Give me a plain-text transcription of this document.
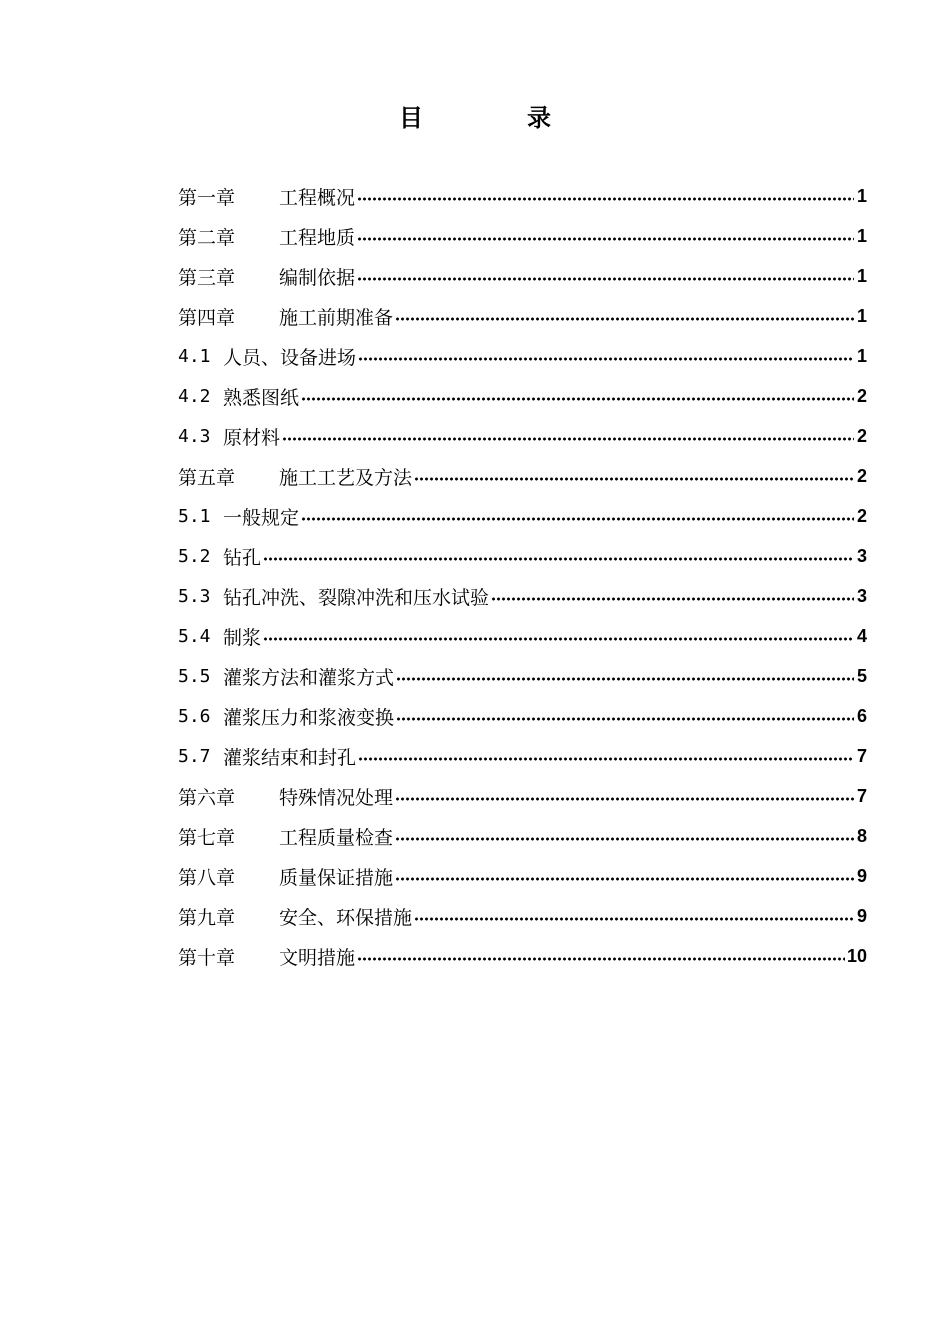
目　录
第一章	工程概况	1
第二章	工程地质	1
第三章	编制依据	1
第四章	施工前期准备	1
4.1 人员、设备进场	1
4.2 熟悉图纸	2
4.3 原材料	2
第五章	施工工艺及方法	2
5.1 一般规定	2
5.2 钻孔	3
5.3 钻孔冲洗、裂隙冲洗和压水试验	3
5.4 制浆	4
5.5 灌浆方法和灌浆方式	5
5.6 灌浆压力和浆液变换	6
5.7 灌浆结束和封孔	7
第六章	特殊情况处理	7
第七章	工程质量检查	8
第八章	质量保证措施	9
第九章	安全、环保措施	9
第十章	文明措施	10
